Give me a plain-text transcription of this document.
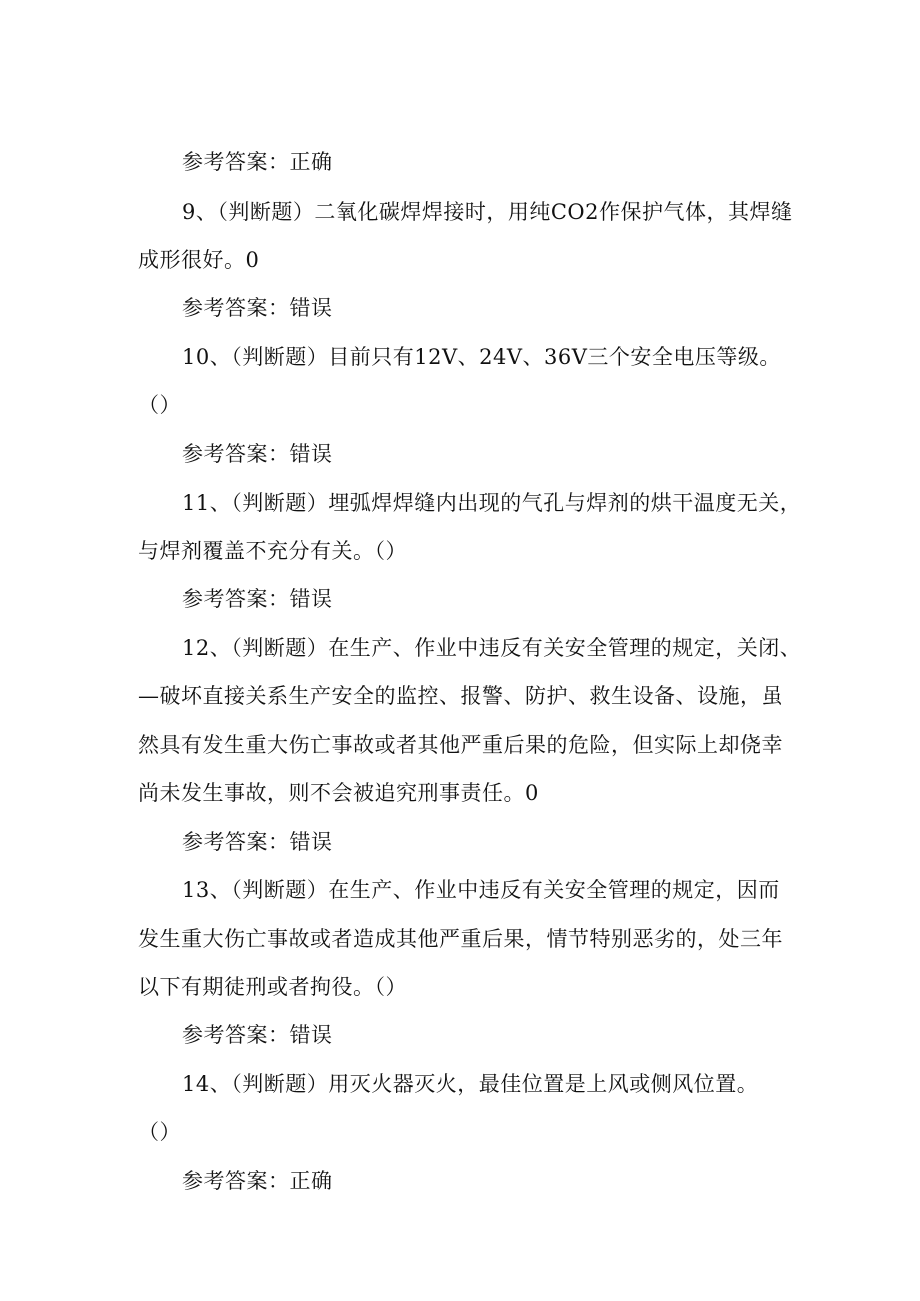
参考答案：正确
9、（判断题）二氧化碳焊焊接时，用纯CO2作保护气体，其焊缝
成形很好。0
参考答案：错误
10、（判断题）目前只有12V、24V、36V三个安全电压等级。
（）
参考答案：错误
11、（判断题）埋弧焊焊缝内出现的气孔与焊剂的烘干温度无关，
与焊剂覆盖不充分有关。（）
参考答案：错误
12、（判断题）在生产、作业中违反有关安全管理的规定，关闭、
—破坏直接关系生产安全的监控、报警、防护、救生设备、设施，虽
然具有发生重大伤亡事故或者其他严重后果的危险，但实际上却侥幸
尚未发生事故，则不会被追究刑事责任。0
参考答案：错误
13、（判断题）在生产、作业中违反有关安全管理的规定，因而
发生重大伤亡事故或者造成其他严重后果，情节特别恶劣的，处三年
以下有期徒刑或者拘役。（）
参考答案：错误
14、（判断题）用灭火器灭火，最佳位置是上风或侧风位置。
（）
参考答案：正确
